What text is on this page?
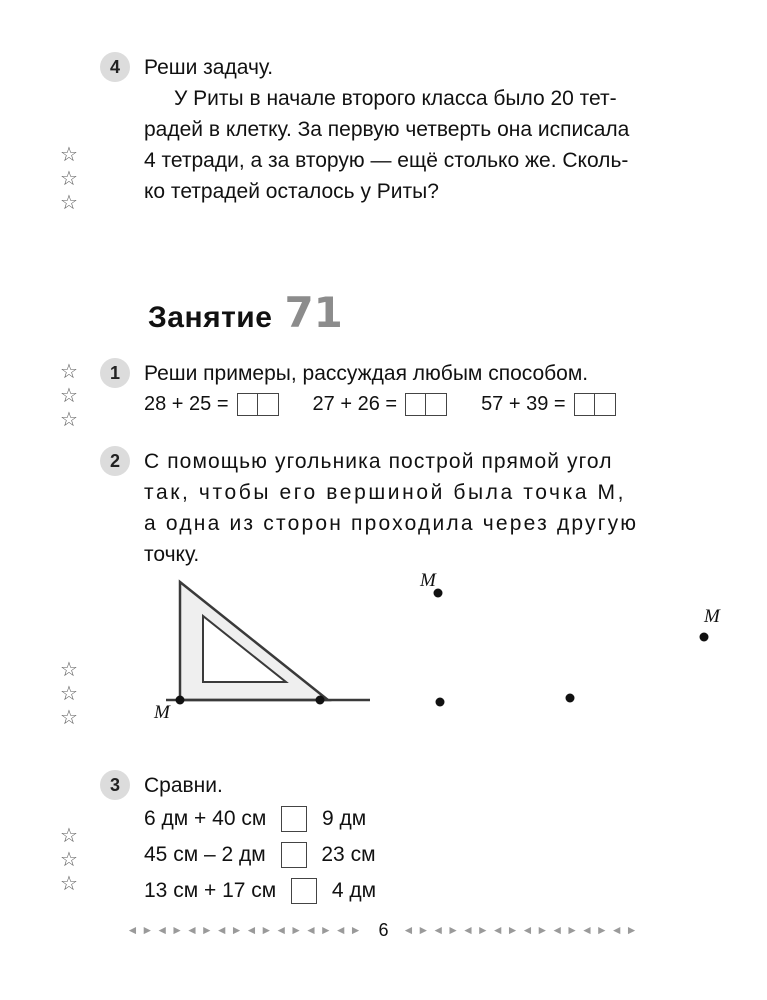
4	Реши задачу.
У Риты в начале второго класса было 20 тет-
радей в клетку. За первую четверть она исписала
4 тетради, а за вторую — ещё столько же. Сколь-
ко тетрадей осталось у Риты?
☆
☆
☆
Занятие 71
1	Реши примеры, рассуждая любым способом.
28 + 25 =	27 + 26 =	57 + 39 =
☆
☆
☆
2	С помощью угольника построй прямой угол
так, чтобы его вершиной была точка M,
а одна из сторон проходила через другую
точку.
M
M
M
☆
☆
☆
3	Сравни.
6 дм + 40 см	9 дм
45 см – 2 дм	23 см
13 см + 17 см	4 дм
☆
☆
☆
◄►◄►◄►◄►◄►◄►◄►◄► 6 ◄►◄►◄►◄►◄►◄►◄►◄►
